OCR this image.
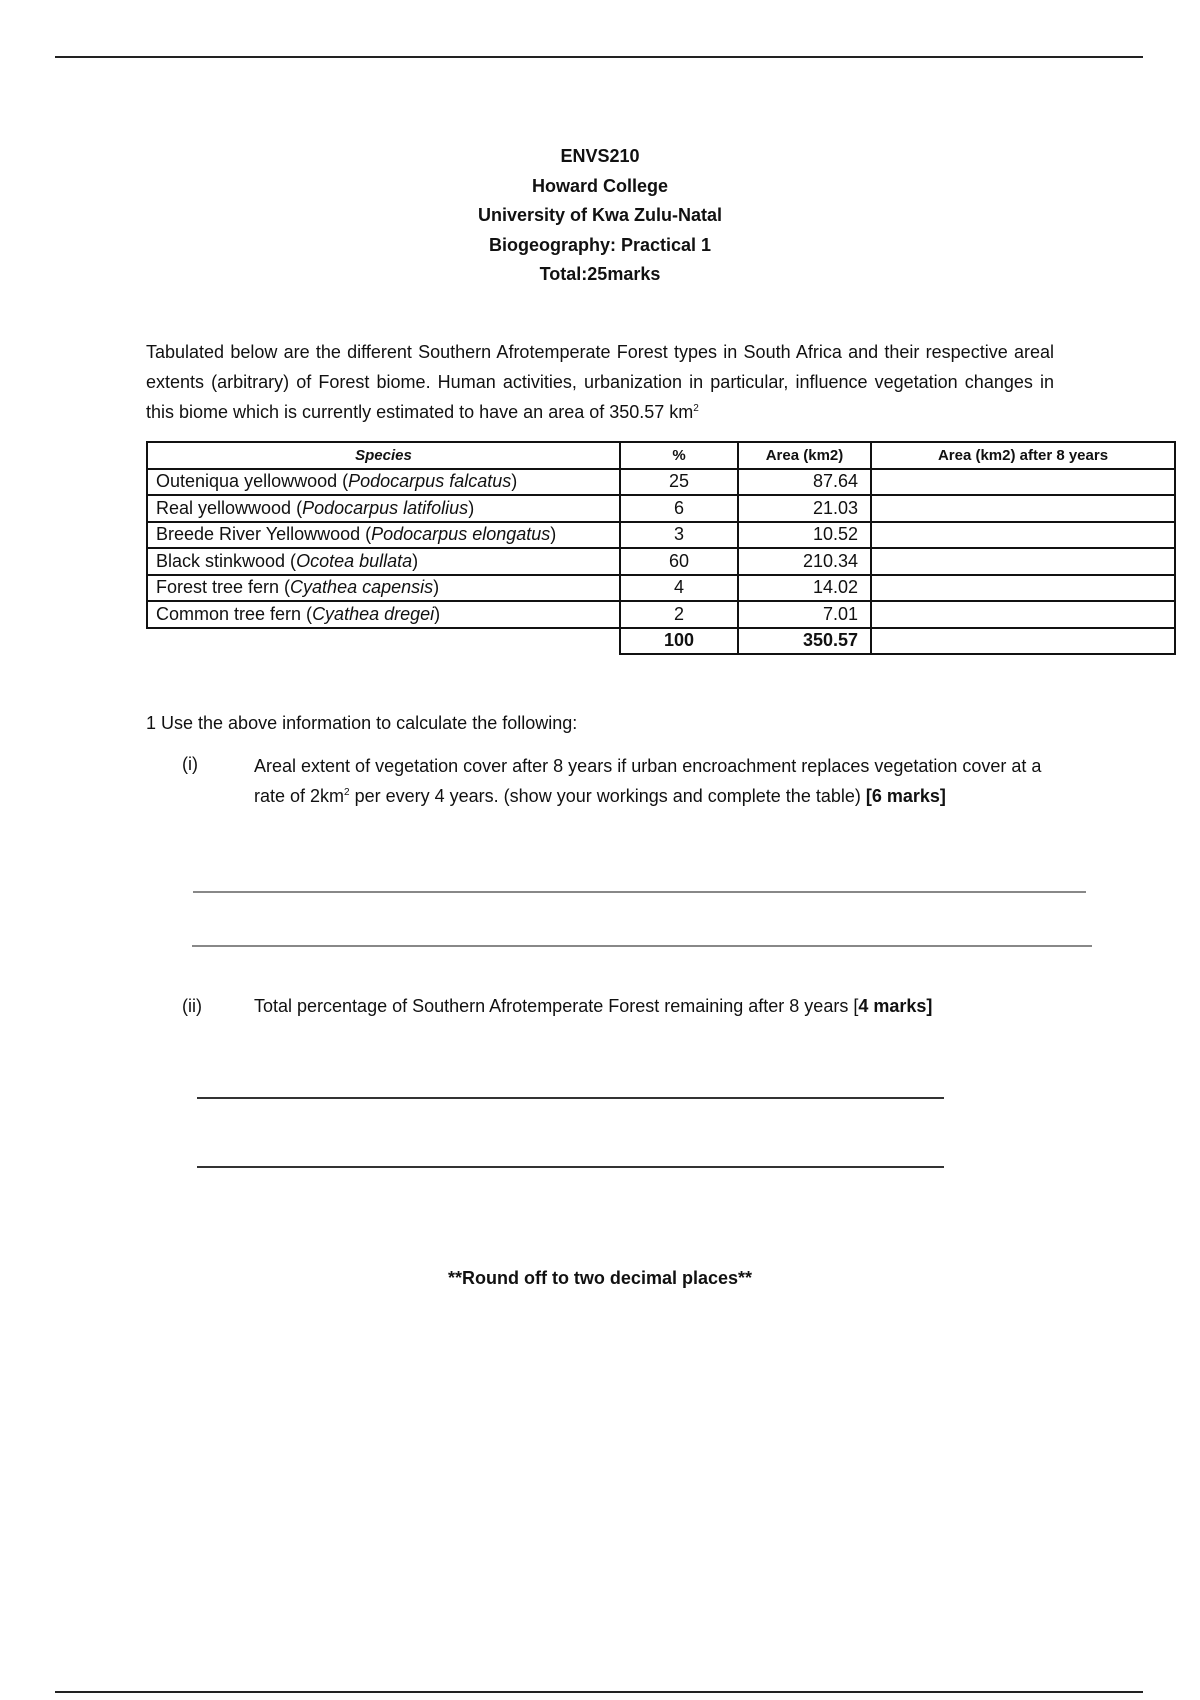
ENVS210
Howard College
University of Kwa Zulu-Natal
Biogeography: Practical 1
Total:25marks
Tabulated below are the different Southern Afrotemperate Forest types in South Africa and their respective areal extents (arbitrary) of Forest biome. Human activities, urbanization in particular, influence vegetation changes in this biome which is currently estimated to have an area of 350.57 $km^2$
Species	%	Area (km2)	Area (km2) after 8 years
Outeniqua yellowwood (Podocarpus falcatus)	25	87.64	
Real yellowwood (Podocarpus latifolius)	6	21.03	
Breede River Yellowwood (Podocarpus elongatus)	3	10.52	
Black stinkwood (Ocotea bullata)	60	210.34	
Forest tree fern (Cyathea capensis)	4	14.02	
Common tree fern (Cyathea dregei)	2	7.01	
	100	350.57	
1 Use the above information to calculate the following:
(i)	Areal extent of vegetation cover after 8 years if urban encroachment replaces vegetation cover at a rate of $2km^2$ per every 4 years. (show your workings and complete the table) [6 marks]
(ii)	Total percentage of Southern Afrotemperate Forest remaining after 8 years [4 marks]
**Round off to two decimal places**
